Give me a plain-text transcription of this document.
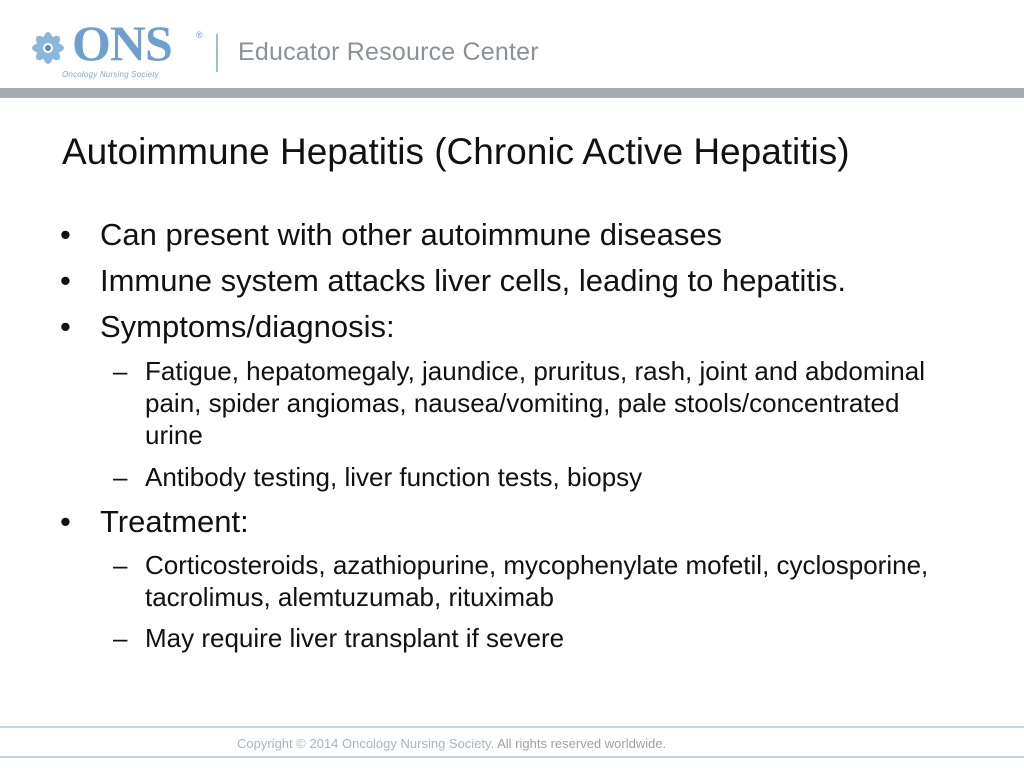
ONS	®
Oncology Nursing Society
Educator Resource Center
Autoimmune Hepatitis (Chronic Active Hepatitis)
• Can present with other autoimmune diseases
• Immune system attacks liver cells, leading to hepatitis.
• Symptoms/diagnosis:
– Fatigue, hepatomegaly, jaundice, pruritus, rash, joint and abdominal pain, spider angiomas, nausea/vomiting, pale stools/concentrated urine
– Antibody testing, liver function tests, biopsy
• Treatment:
– Corticosteroids, azathiopurine, mycophenylate mofetil, cyclosporine, tacrolimus, alemtuzumab, rituximab
– May require liver transplant if severe
Copyright © 2014 Oncology Nursing Society. All rights reserved worldwide.
